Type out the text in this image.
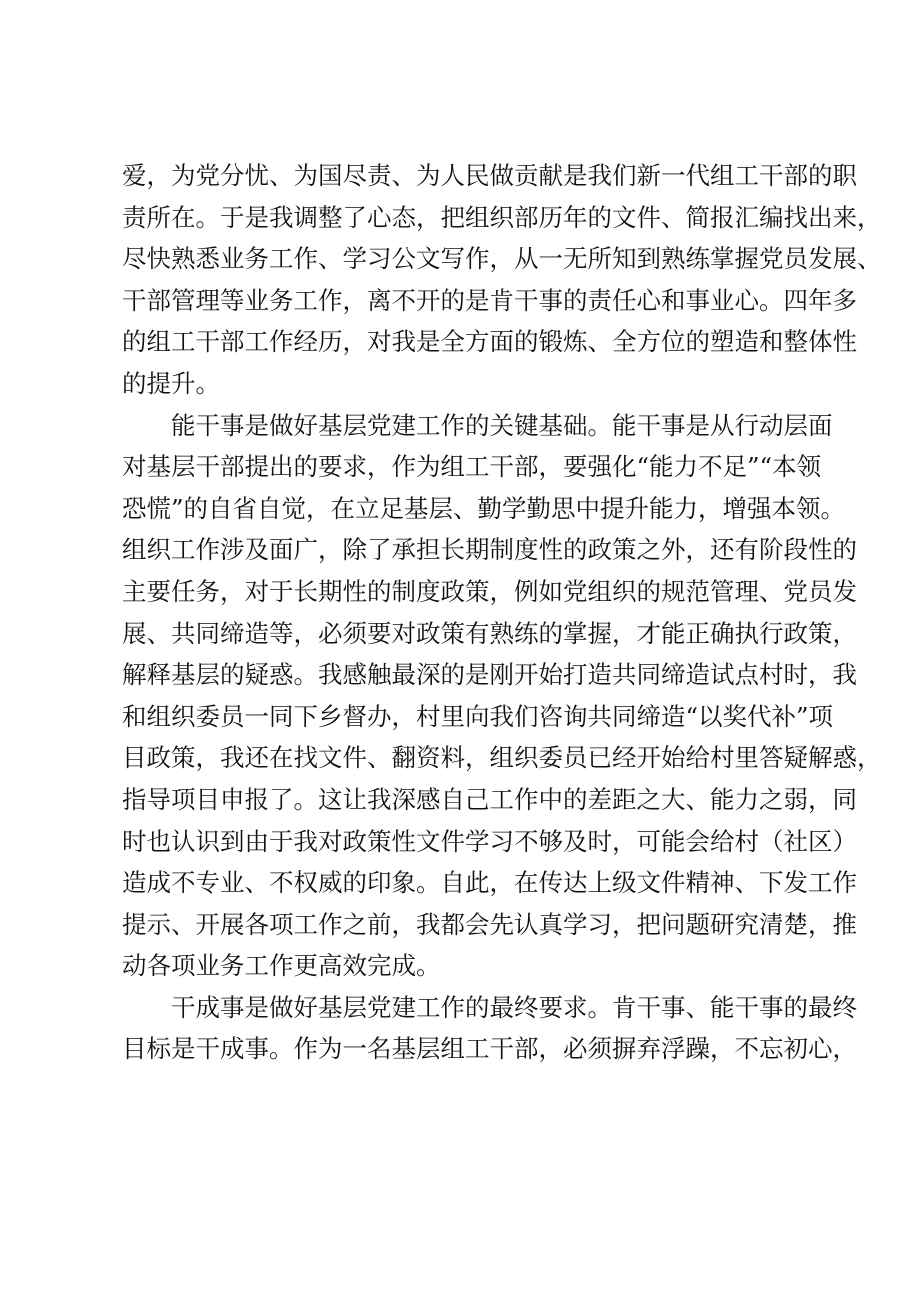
爱，为党分忧、为国尽责、为人民做贡献是我们新一代组工干部的职
责所在。于是我调整了心态，把组织部历年的文件、简报汇编找出来，
尽快熟悉业务工作、学习公文写作，从一无所知到熟练掌握党员发展、
干部管理等业务工作，离不开的是肯干事的责任心和事业心。四年多
的组工干部工作经历，对我是全方面的锻炼、全方位的塑造和整体性
的提升。
能干事是做好基层党建工作的关键基础。能干事是从行动层面
对基层干部提出的要求，作为组工干部，要强化“能力不足”“本领
恐慌”的自省自觉，在立足基层、勤学勤思中提升能力，增强本领。
组织工作涉及面广，除了承担长期制度性的政策之外，还有阶段性的
主要任务，对于长期性的制度政策，例如党组织的规范管理、党员发
展、共同缔造等，必须要对政策有熟练的掌握，才能正确执行政策，
解释基层的疑惑。我感触最深的是刚开始打造共同缔造试点村时，我
和组织委员一同下乡督办，村里向我们咨询共同缔造“以奖代补”项
目政策，我还在找文件、翻资料，组织委员已经开始给村里答疑解惑，
指导项目申报了。这让我深感自己工作中的差距之大、能力之弱，同
时也认识到由于我对政策性文件学习不够及时，可能会给村（社区）
造成不专业、不权威的印象。自此，在传达上级文件精神、下发工作
提示、开展各项工作之前，我都会先认真学习，把问题研究清楚，推
动各项业务工作更高效完成。
干成事是做好基层党建工作的最终要求。肯干事、能干事的最终
目标是干成事。作为一名基层组工干部，必须摒弃浮躁，不忘初心，
